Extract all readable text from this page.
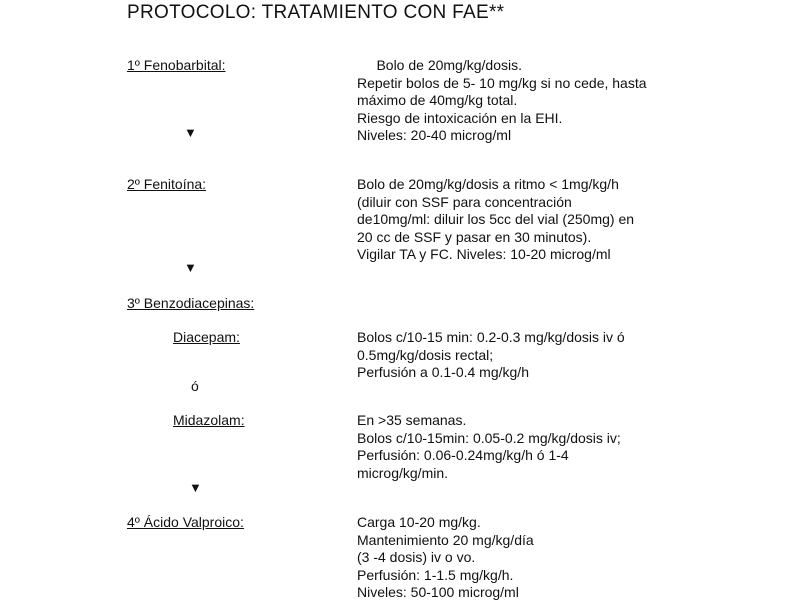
PROTOCOLO: TRATAMIENTO CON FAE**
1º Fenobarbital:	Bolo de 20mg/kg/dosis.
Repetir bolos de 5- 10 mg/kg si no cede, hasta
máximo de 40mg/kg total.
Riesgo de intoxicación en la EHI.
Niveles: 20-40 microg/ml
▼
2º Fenitoína:	Bolo de 20mg/kg/dosis a ritmo < 1mg/kg/h
(diluir con SSF para concentración
de10mg/ml: diluir los 5cc del vial (250mg) en
20 cc de SSF y pasar en 30 minutos).
Vigilar TA y FC. Niveles: 10-20 microg/ml
▼
3º Benzodiacepinas:
Diacepam:	Bolos c/10-15 min: 0.2-0.3 mg/kg/dosis iv ó
0.5mg/kg/dosis rectal;
Perfusión a 0.1-0.4 mg/kg/h
ó
Midazolam:	En >35 semanas.
Bolos c/10-15min: 0.05-0.2 mg/kg/dosis iv;
Perfusión: 0.06-0.24mg/kg/h ó 1-4
microg/kg/min.
▼
4º Ácido Valproico:	Carga 10-20 mg/kg.
Mantenimiento 20 mg/kg/día
(3 -4 dosis) iv o vo.
Perfusión: 1-1.5 mg/kg/h.
Niveles: 50-100 microg/ml
